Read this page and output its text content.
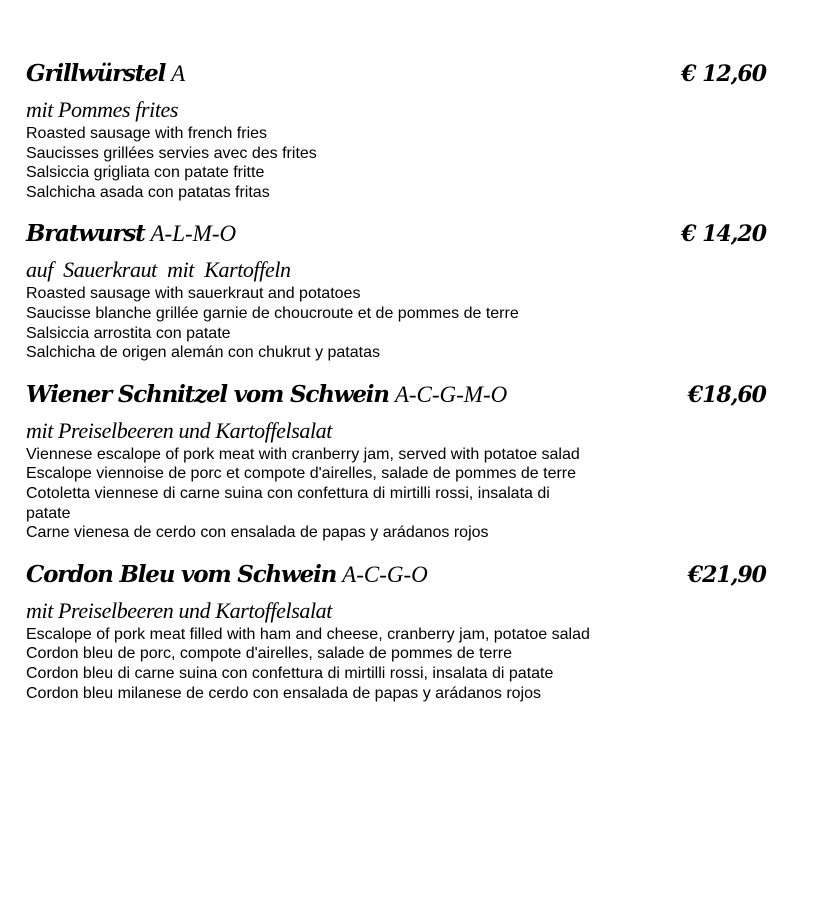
Grillwürstel A	€ 12,60
mit Pommes frites
Roasted sausage with french fries
Saucisses grillées servies avec des frites
Salsiccia grigliata con patate fritte
Salchicha asada con patatas fritas
Bratwurst A-L-M-O	€ 14,20
auf  Sauerkraut  mit  Kartoffeln
Roasted sausage with sauerkraut and potatoes
Saucisse blanche grillée garnie de choucroute et de pommes de terre
Salsiccia arrostita con patate
Salchicha de origen alemán con chukrut y patatas
Wiener Schnitzel vom Schwein A-C-G-M-O	€18,60
mit Preiselbeeren und Kartoffelsalat
Viennese escalope of pork meat with cranberry jam, served with potatoe salad
Escalope viennoise de porc et compote d'airelles, salade de pommes de terre
Cotoletta viennese di carne suina con confettura di mirtilli rossi, insalata di patate
Carne vienesa de cerdo con ensalada de papas y arádanos rojos
Cordon Bleu vom Schwein A-C-G-O	€21,90
mit Preiselbeeren und Kartoffelsalat
Escalope of pork meat filled with ham and cheese, cranberry jam, potatoe salad
Cordon bleu de porc, compote d'airelles, salade de pommes de terre
Cordon bleu di carne suina con confettura di mirtilli rossi, insalata di patate
Cordon bleu milanese de cerdo con ensalada de papas y arádanos rojos
